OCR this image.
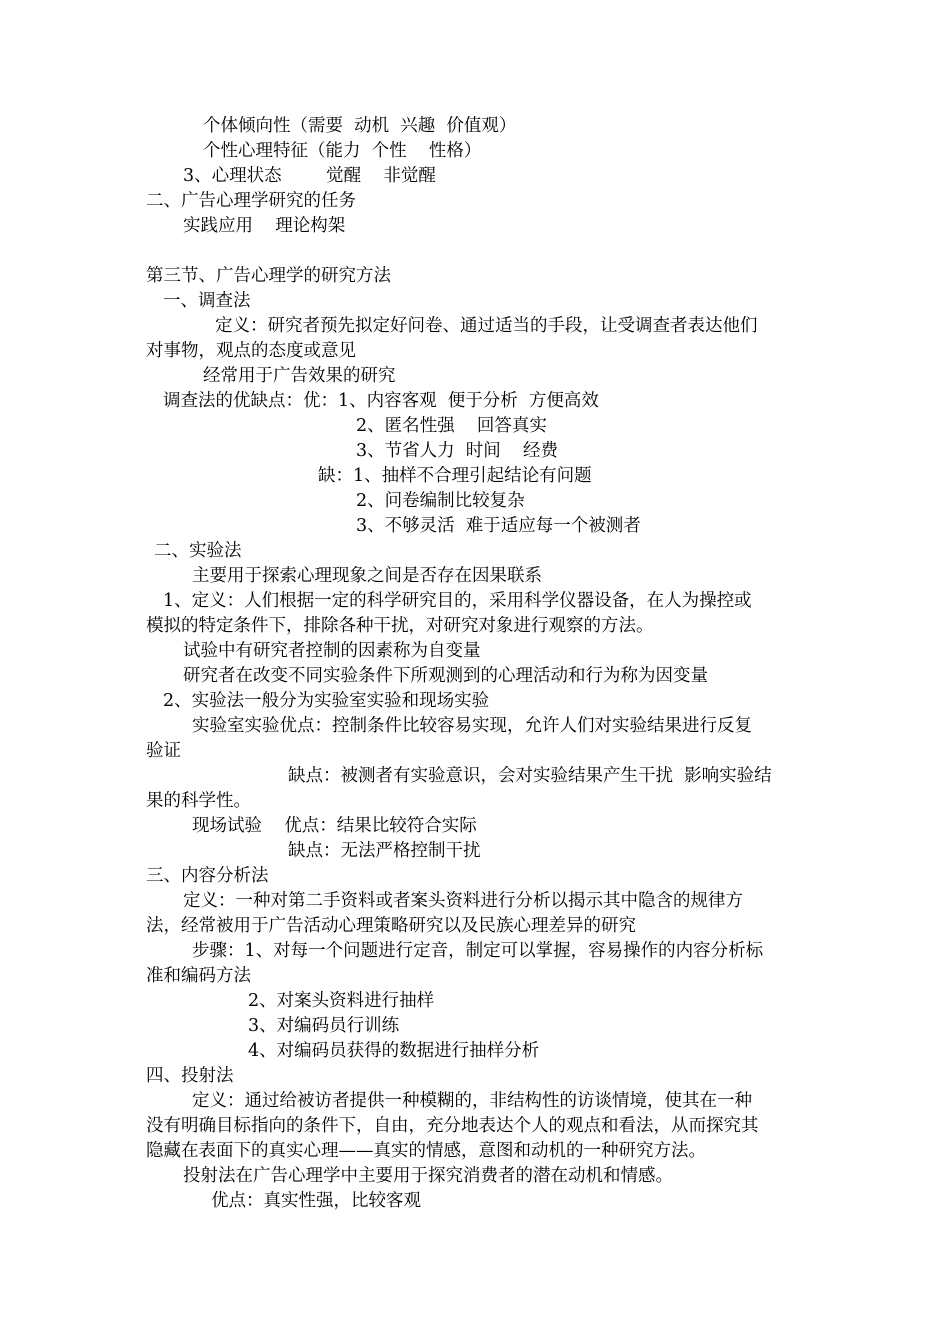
个体倾向性（需要  动机  兴趣  价值观）
个性心理特征（能力  个性    性格）
3、心理状态        觉醒    非觉醒
二、广告心理学研究的任务
实践应用    理论构架
第三节、广告心理学的研究方法
一、调查法
定义：研究者预先拟定好问卷、通过适当的手段，让受调查者表达他们
对事物，观点的态度或意见
经常用于广告效果的研究
调查法的优缺点：优：1、内容客观  便于分析  方便高效
2、匿名性强    回答真实
3、节省人力  时间    经费
缺：1、抽样不合理引起结论有问题
2、问卷编制比较复杂
3、不够灵活  难于适应每一个被测者
二、实验法
主要用于探索心理现象之间是否存在因果联系
1、定义：人们根据一定的科学研究目的，采用科学仪器设备，在人为操控或
模拟的特定条件下，排除各种干扰，对研究对象进行观察的方法。
试验中有研究者控制的因素称为自变量
研究者在改变不同实验条件下所观测到的心理活动和行为称为因变量
2、实验法一般分为实验室实验和现场实验
实验室实验优点：控制条件比较容易实现，允许人们对实验结果进行反复
验证
缺点：被测者有实验意识，会对实验结果产生干扰  影响实验结
果的科学性。
现场试验    优点：结果比较符合实际
缺点：无法严格控制干扰
三、内容分析法
定义：一种对第二手资料或者案头资料进行分析以揭示其中隐含的规律方
法，经常被用于广告活动心理策略研究以及民族心理差异的研究
步骤：1、对每一个问题进行定音，制定可以掌握，容易操作的内容分析标
准和编码方法
2、对案头资料进行抽样
3、对编码员行训练
4、对编码员获得的数据进行抽样分析
四、投射法
定义：通过给被访者提供一种模糊的，非结构性的访谈情境，使其在一种
没有明确目标指向的条件下，自由，充分地表达个人的观点和看法，从而探究其
隐藏在表面下的真实心理——真实的情感，意图和动机的一种研究方法。
投射法在广告心理学中主要用于探究消费者的潜在动机和情感。
优点：真实性强，比较客观
